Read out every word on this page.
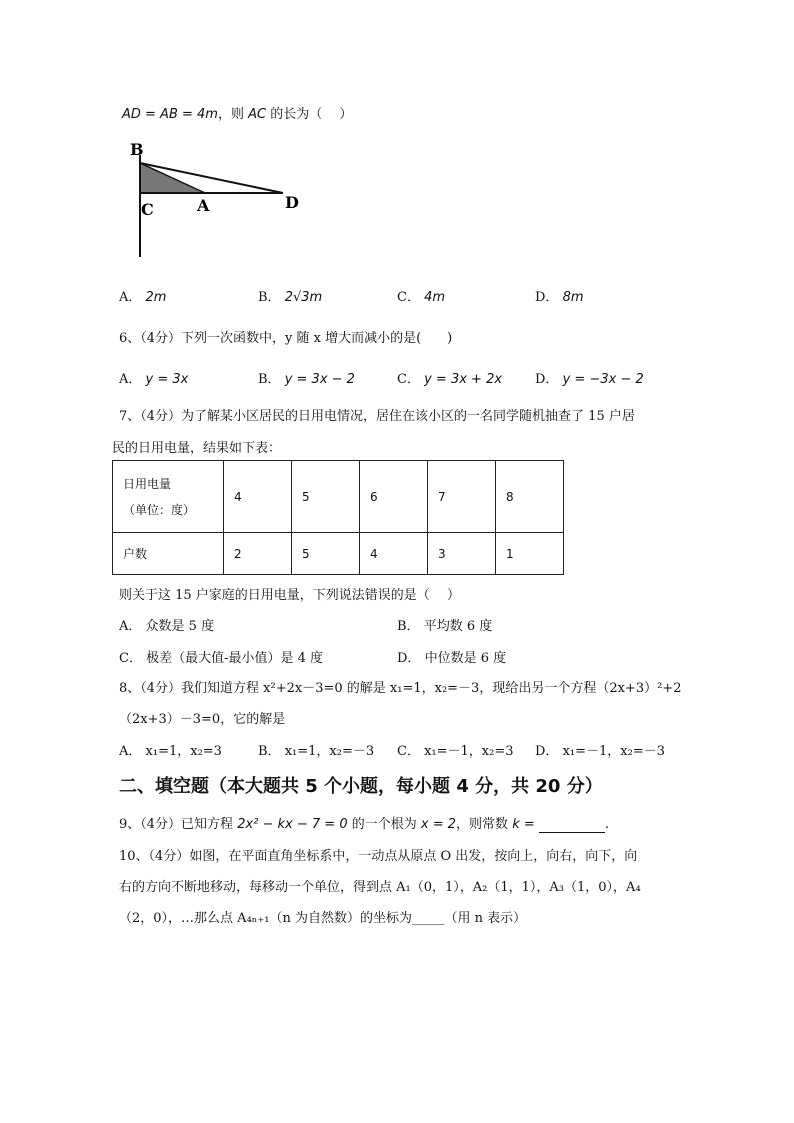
AD = AB = 4m，则 AC 的长为（　 ）
B
C	A	D
A． 2m	B． 2√3m	C． 4m	D． 8m
6、（4分）下列一次函数中，y 随 x 增大而减小的是(　　)
A． y = 3x	B． y = 3x − 2	C． y = 3x + 2x	D． y = −3x − 2
7、（4分）为了解某小区居民的日用电情况，居住在该小区的一名同学随机抽查了 15 户居
民的日用电量，结果如下表：
日用电量
（单位：度）	4	5	6	7	8
户数	2	5	4	3	1
则关于这 15 户家庭的日用电量，下列说法错误的是（　 ）
A． 众数是 5 度	B． 平均数 6 度
C． 极差（最大值-最小值）是 4 度	D． 中位数是 6 度
8、（4分）我们知道方程 x²+2x－3=0 的解是 x₁=1，x₂=－3，现给出另一个方程（2x+3）²+2
（2x+3）－3=0，它的解是
A． x₁=1，x₂=3	B． x₁=1，x₂=－3 C． x₁=－1，x₂=3 D． x₁=－1，x₂=－3
二、填空题（本大题共 5 个小题，每小题 4 分，共 20 分）
9、（4分）已知方程 2x² − kx − 7 = 0 的一个根为 x = 2，则常数 k =	.
10、（4分）如图，在平面直角坐标系中，一动点从原点 O 出发，按向上，向右，向下，向
右的方向不断地移动，每移动一个单位，得到点 A₁（0，1），A₂（1，1），A₃（1，0），A₄
（2，0），…那么点 A₄ₙ₊₁（n 为自然数）的坐标为_____（用 n 表示）
